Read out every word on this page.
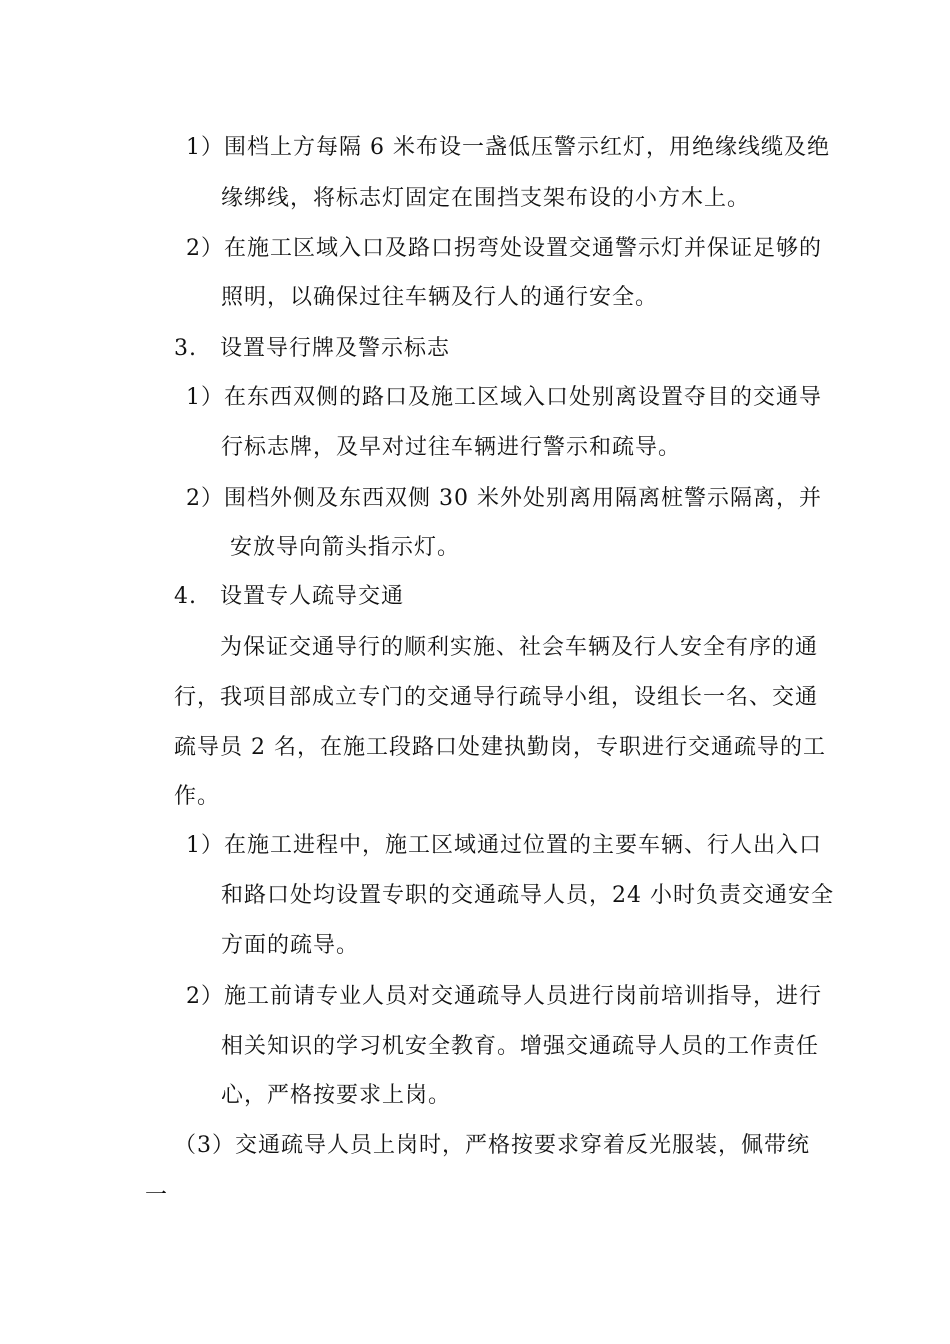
1）围档上方每隔 6 米布设一盏低压警示红灯，用绝缘线缆及绝
缘绑线，将标志灯固定在围挡支架布设的小方木上。
2）在施工区域入口及路口拐弯处设置交通警示灯并保证足够的
照明，以确保过往车辆及行人的通行安全。
3. 设置导行牌及警示标志
1）在东西双侧的路口及施工区域入口处别离设置夺目的交通导
行标志牌，及早对过往车辆进行警示和疏导。
2）围档外侧及东西双侧 30 米外处别离用隔离桩警示隔离，并
安放导向箭头指示灯。
4. 设置专人疏导交通
为保证交通导行的顺利实施、社会车辆及行人安全有序的通
行，我项目部成立专门的交通导行疏导小组，设组长一名、交通
疏导员 2 名，在施工段路口处建执勤岗，专职进行交通疏导的工
作。
1）在施工进程中，施工区域通过位置的主要车辆、行人出入口
和路口处均设置专职的交通疏导人员，24 小时负责交通安全
方面的疏导。
2）施工前请专业人员对交通疏导人员进行岗前培训指导，进行
相关知识的学习机安全教育。增强交通疏导人员的工作责任
心，严格按要求上岗。
（3）交通疏导人员上岗时，严格按要求穿着反光服装，佩带统
一
